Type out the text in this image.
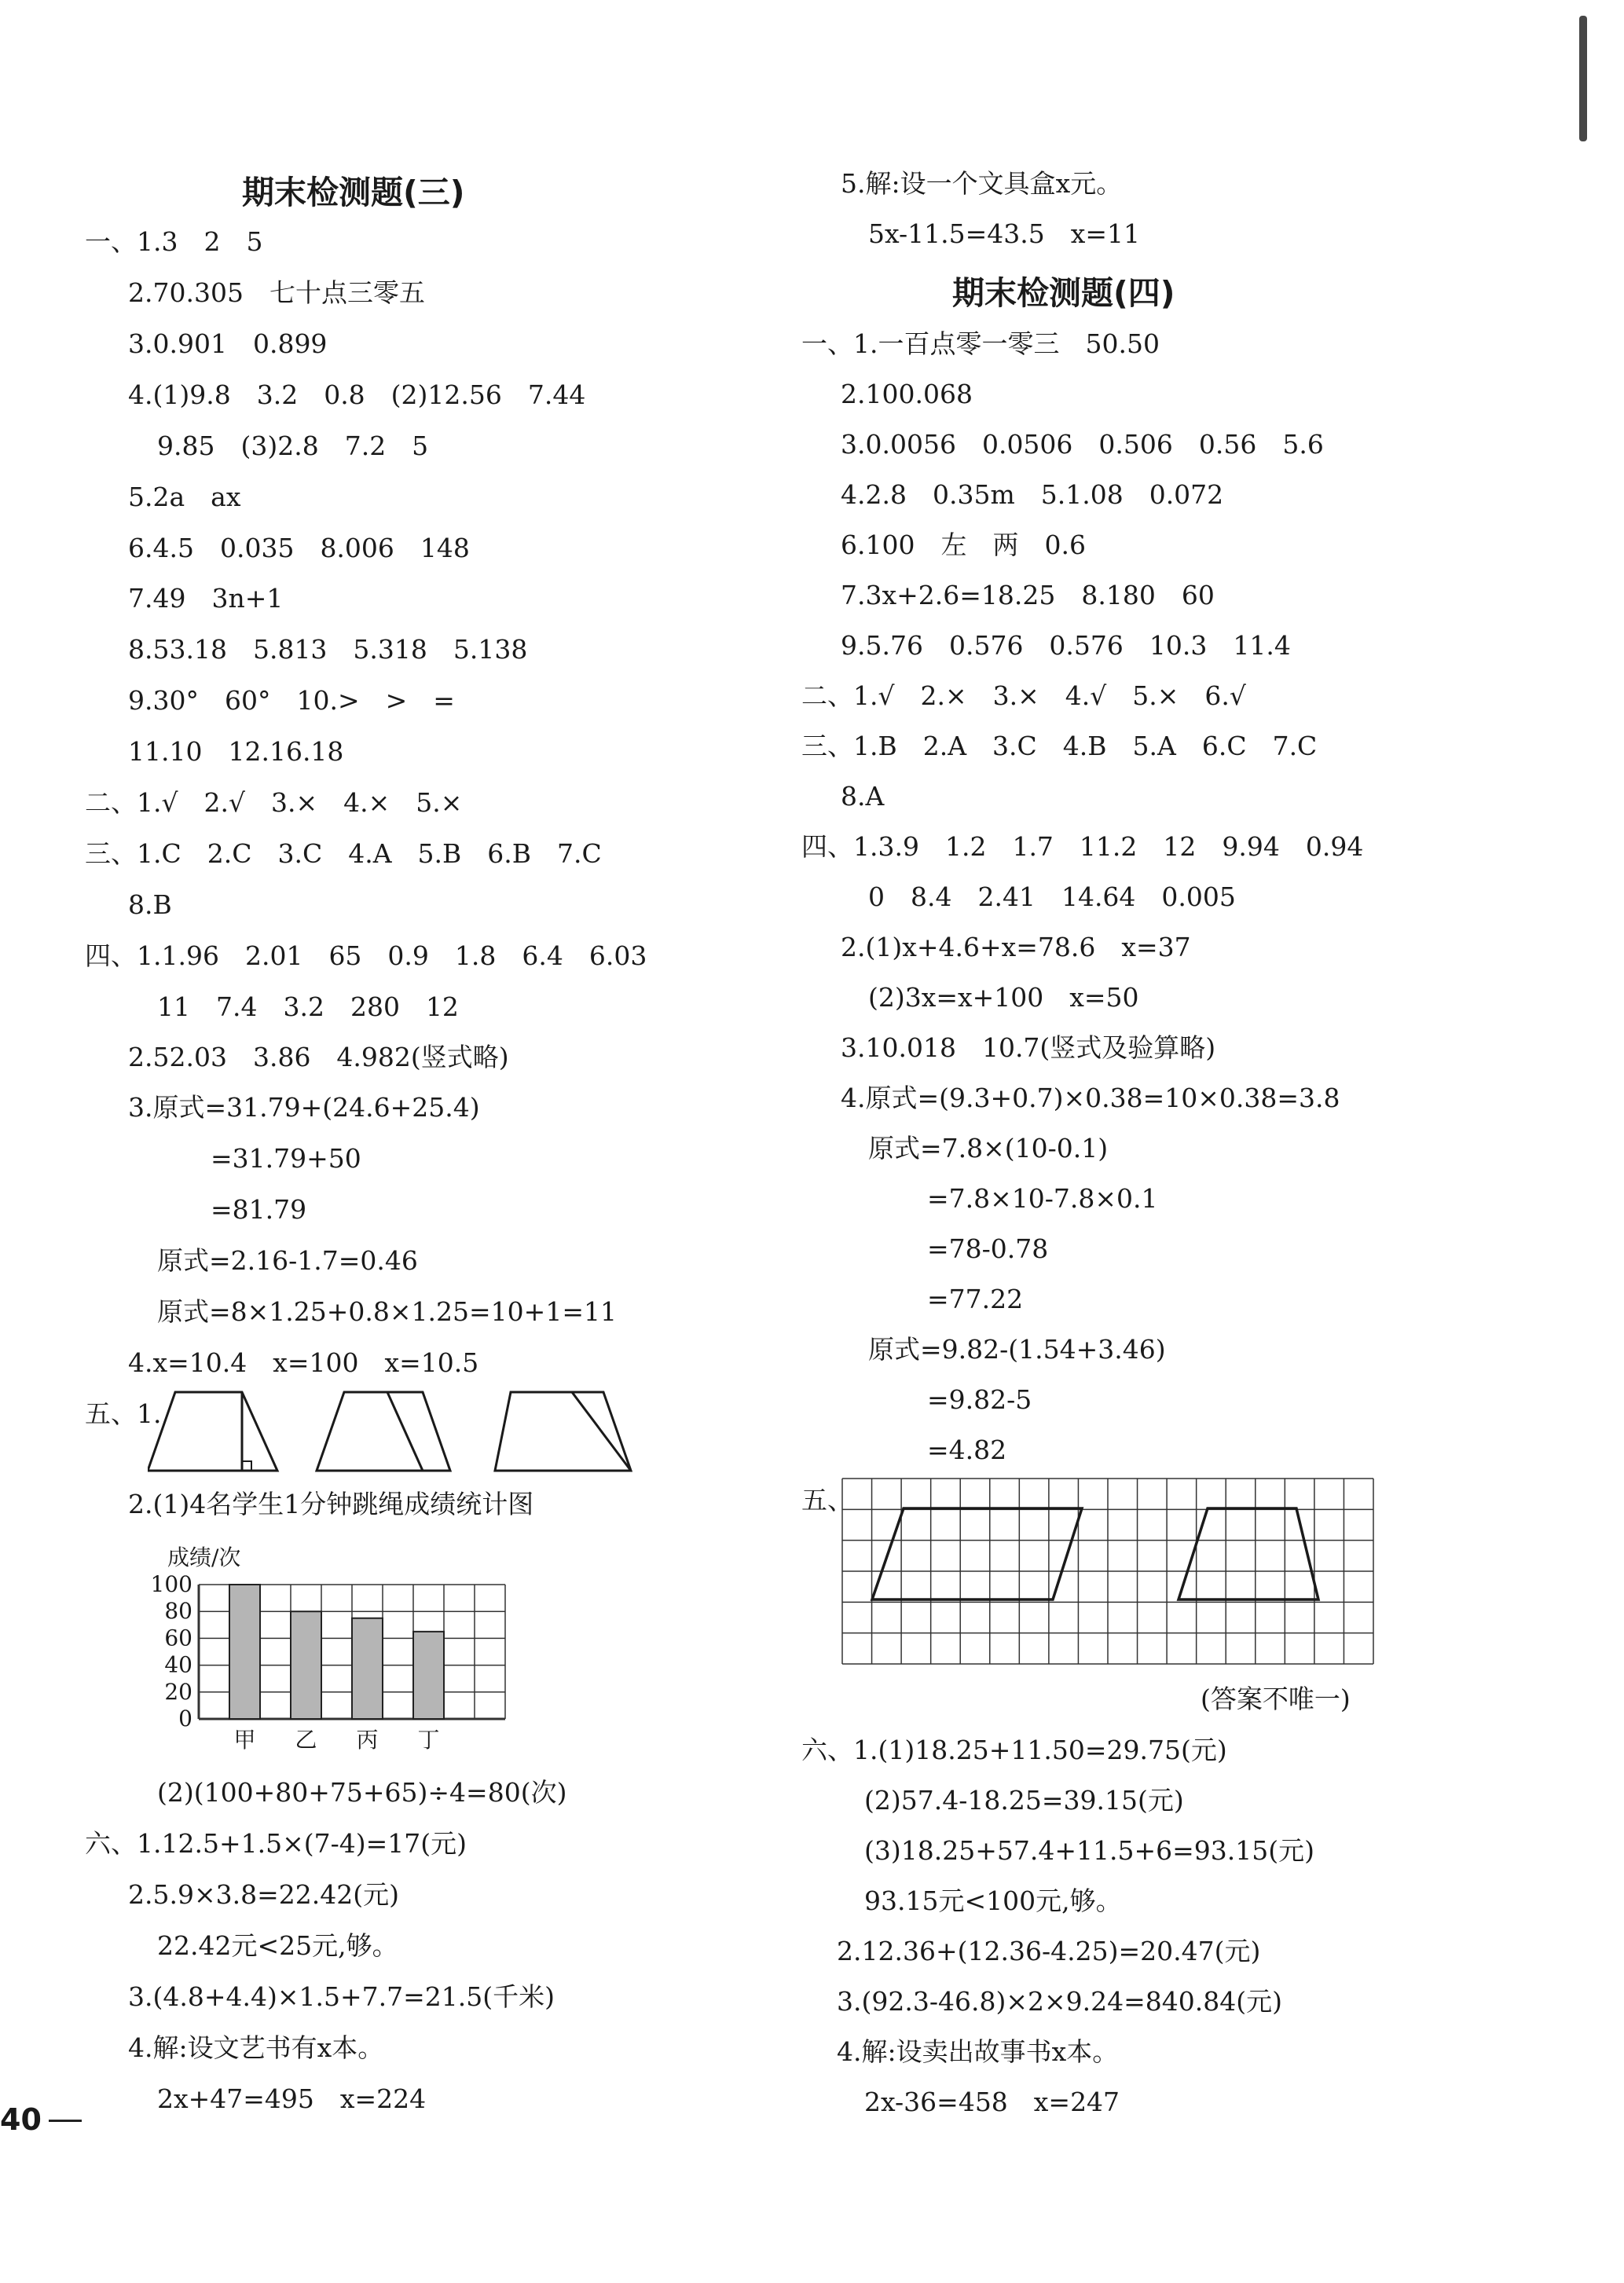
期末检测题(三)
一、1.3　2　5
2.70.305　七十点三零五
3.0.901　0.899
4.(1)9.8　3.2　0.8　(2)12.56　7.44
9.85　(3)2.8　7.2　5
5.2a　ax
6.4.5　0.035　8.006　148
7.49　3n+1
8.53.18　5.813　5.318　5.138
9.30°　60°　10.>　>　=
11.10　12.16.18
二、1.√　2.√　3.×　4.×　5.×
三、1.C　2.C　3.C　4.A　5.B　6.B　7.C
8.B
四、1.1.96　2.01　65　0.9　1.8　6.4　6.03
11　7.4　3.2　280　12
2.52.03　3.86　4.982(竖式略)
3.原式=31.79+(24.6+25.4)
=31.79+50
=81.79
原式=2.16-1.7=0.46
原式=8×1.25+0.8×1.25=10+1=11
4.x=10.4　x=100　x=10.5
五、1.
2.(1)4名学生1分钟跳绳成绩统计图
成绩/次
100
80
60
40
20
0
甲 乙 丙 丁
(2)(100+80+75+65)÷4=80(次)
六、1.12.5+1.5×(7-4)=17(元)
2.5.9×3.8=22.42(元)
22.42元<25元,够。
3.(4.8+4.4)×1.5+7.7=21.5(千米)
4.解:设文艺书有x本。
2x+47=495　x=224
5.解:设一个文具盒x元。
5x-11.5=43.5　x=11
期末检测题(四)
一、1.一百点零一零三　50.50
2.100.068
3.0.0056　0.0506　0.506　0.56　5.6
4.2.8　0.35m　5.1.08　0.072
6.100　左　两　0.6
7.3x+2.6=18.25　8.180　60
9.5.76　0.576　0.576　10.3　11.4
二、1.√　2.×　3.×　4.√　5.×　6.√
三、1.B　2.A　3.C　4.B　5.A　6.C　7.C
8.A
四、1.3.9　1.2　1.7　11.2　12　9.94　0.94
0　8.4　2.41　14.64　0.005
2.(1)x+4.6+x=78.6　x=37
(2)3x=x+100　x=50
3.10.018　10.7(竖式及验算略)
4.原式=(9.3+0.7)×0.38=10×0.38=3.8
原式=7.8×(10-0.1)
=7.8×10-7.8×0.1
=78-0.78
=77.22
原式=9.82-(1.54+3.46)
=9.82-5
=4.82
五、
(答案不唯一)
六、1.(1)18.25+11.50=29.75(元)
(2)57.4-18.25=39.15(元)
(3)18.25+57.4+11.5+6=93.15(元)
93.15元<100元,够。
2.12.36+(12.36-4.25)=20.47(元)
3.(92.3-46.8)×2×9.24=840.84(元)
4.解:设卖出故事书x本。
2x-36=458　x=247
40
